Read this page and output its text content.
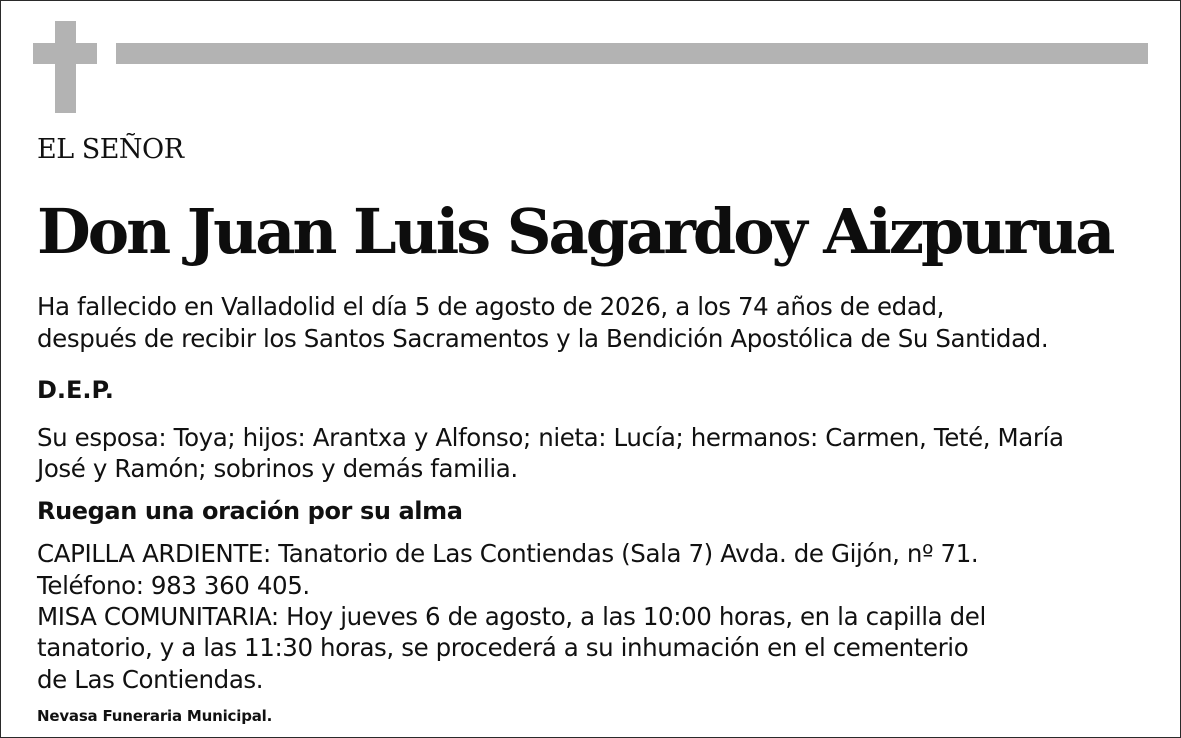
EL SEÑOR
Don Juan Luis Sagardoy Aizpurua
Ha fallecido en Valladolid el día 5 de agosto de 2026, a los 74 años de edad,
después de recibir los Santos Sacramentos y la Bendición Apostólica de Su Santidad.
D.E.P.
Su esposa: Toya; hijos: Arantxa y Alfonso; nieta: Lucía; hermanos: Carmen, Teté, María
José y Ramón; sobrinos y demás familia.
Ruegan una oración por su alma
CAPILLA ARDIENTE: Tanatorio de Las Contiendas (Sala 7) Avda. de Gijón, nº 71.
Teléfono: 983 360 405.
MISA COMUNITARIA: Hoy jueves 6 de agosto, a las 10:00 horas, en la capilla del
tanatorio, y a las 11:30 horas, se procederá a su inhumación en el cementerio
de Las Contiendas.
Nevasa Funeraria Municipal.
